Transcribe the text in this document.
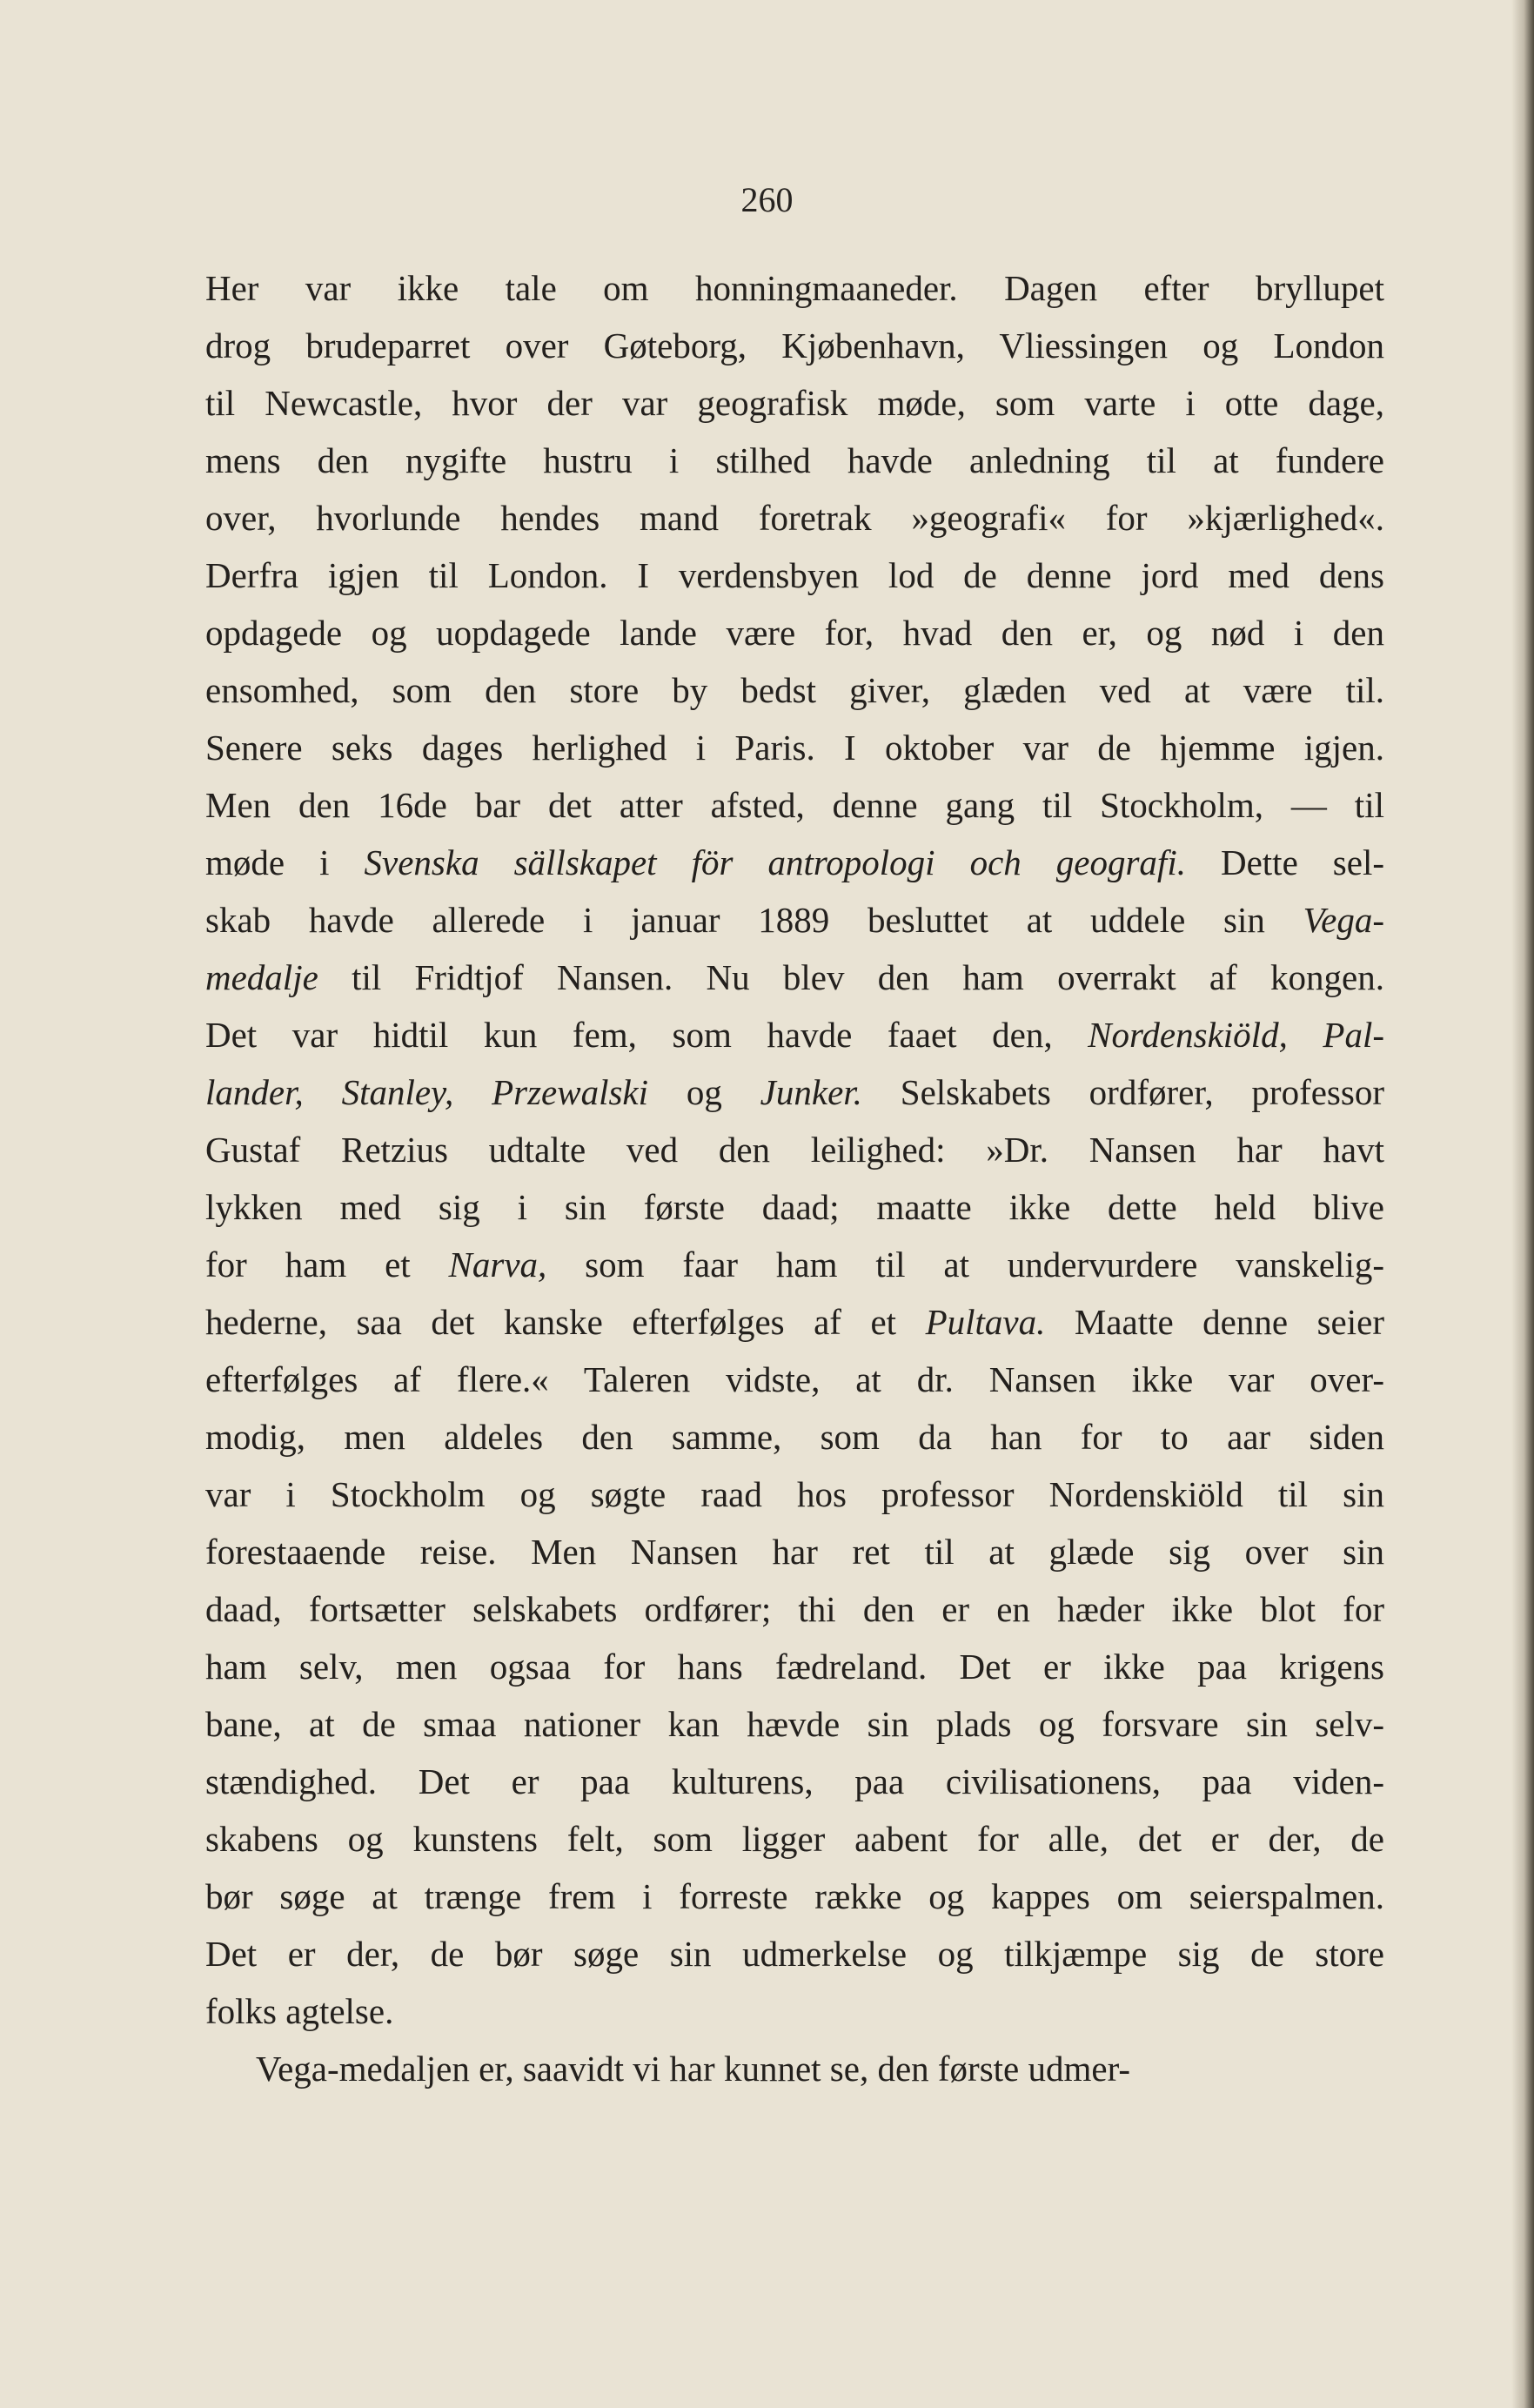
260
Her var ikke tale om honningmaaneder. Dagen efter bryllupet
drog brudeparret over Gøteborg, Kjøbenhavn, Vliessingen og London
til Newcastle, hvor der var geografisk møde, som varte i otte dage,
mens den nygifte hustru i stilhed havde anledning til at fundere
over, hvorlunde hendes mand foretrak »geografi« for »kjærlighed«.
Derfra igjen til London. I verdensbyen lod de denne jord med dens
opdagede og uopdagede lande være for, hvad den er, og nød i den
ensomhed, som den store by bedst giver, glæden ved at være til.
Senere seks dages herlighed i Paris. I oktober var de hjemme igjen.
Men den 16de bar det atter afsted, denne gang til Stockholm, — til
møde i Svenska sällskapet för antropologi och geografi. Dette sel-
skab havde allerede i januar 1889 besluttet at uddele sin Vega-
medalje til Fridtjof Nansen. Nu blev den ham overrakt af kongen.
Det var hidtil kun fem, som havde faaet den, Nordenskiöld, Pal-
lander, Stanley, Przewalski og Junker. Selskabets ordfører, professor
Gustaf Retzius udtalte ved den leilighed: »Dr. Nansen har havt
lykken med sig i sin første daad; maatte ikke dette held blive
for ham et Narva, som faar ham til at undervurdere vanskelig-
hederne, saa det kanske efterfølges af et Pultava. Maatte denne seier
efterfølges af flere.« Taleren vidste, at dr. Nansen ikke var over-
modig, men aldeles den samme, som da han for to aar siden
var i Stockholm og søgte raad hos professor Nordenskiöld til sin
forestaaende reise. Men Nansen har ret til at glæde sig over sin
daad, fortsætter selskabets ordfører; thi den er en hæder ikke blot for
ham selv, men ogsaa for hans fædreland. Det er ikke paa krigens
bane, at de smaa nationer kan hævde sin plads og forsvare sin selv-
stændighed. Det er paa kulturens, paa civilisationens, paa viden-
skabens og kunstens felt, som ligger aabent for alle, det er der, de
bør søge at trænge frem i forreste række og kappes om seierspalmen.
Det er der, de bør søge sin udmerkelse og tilkjæmpe sig de store
folks agtelse.
Vega-medaljen er, saavidt vi har kunnet se, den første udmer-
